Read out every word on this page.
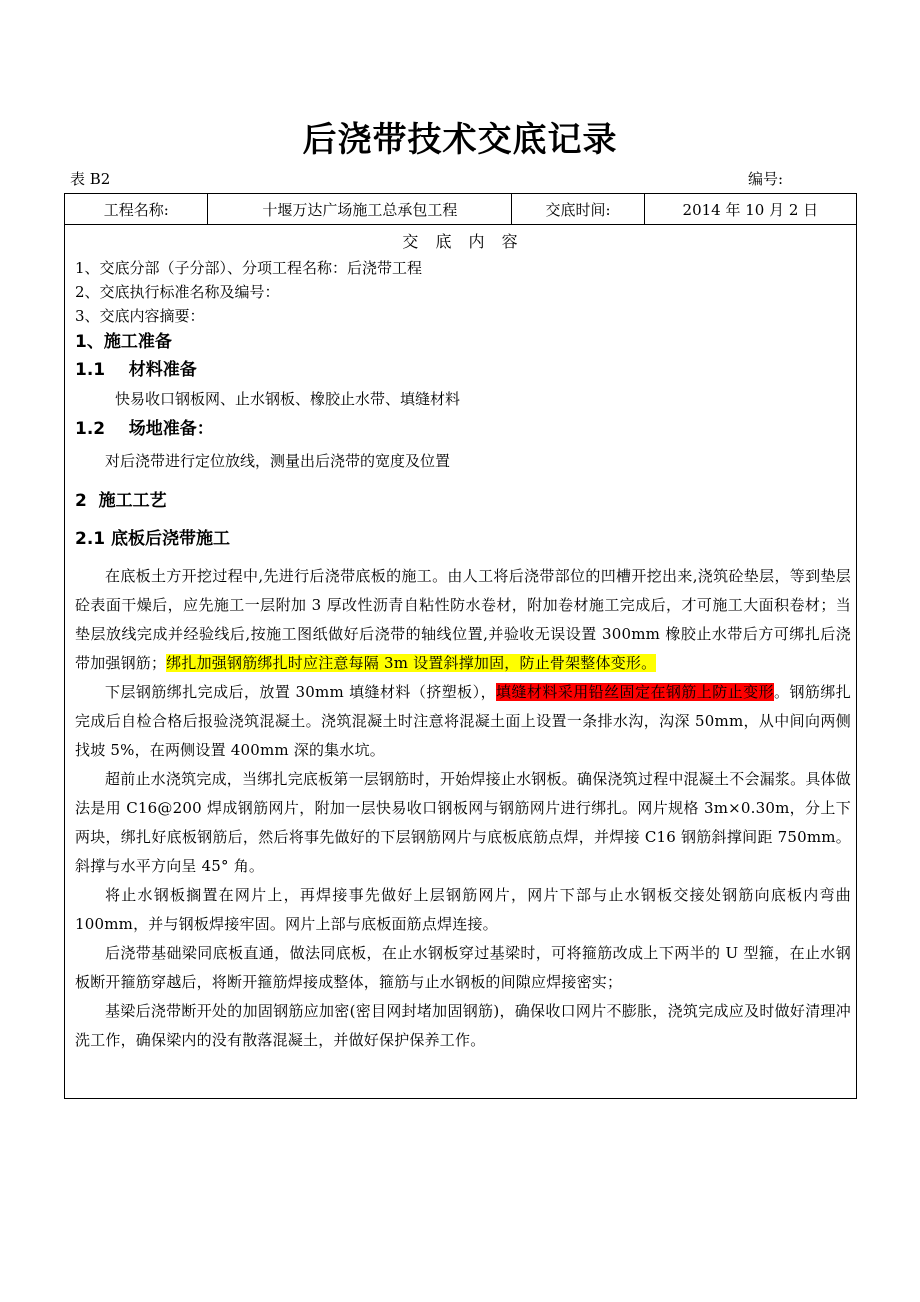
后浇带技术交底记录
表 B2	编号:
工程名称:	十堰万达广场施工总承包工程	交底时间:	2014 年 10 月 2 日
交 底 内 容
1、交底分部（子分部）、分项工程名称：后浇带工程
2、交底执行标准名称及编号：
3、交底内容摘要：
1、施工准备
1.1    材料准备
快易收口钢板网、止水钢板、橡胶止水带、填缝材料
1.2    场地准备：
对后浇带进行定位放线，测量出后浇带的宽度及位置
2  施工工艺
2.1 底板后浇带施工
在底板土方开挖过程中,先进行后浇带底板的施工。由人工将后浇带部位的凹槽开挖出来,浇筑砼垫层，等到垫层砼表面干燥后，应先施工一层附加 3 厚改性沥青自粘性防水卷材，附加卷材施工完成后，才可施工大面积卷材；当垫层放线完成并经验线后,按施工图纸做好后浇带的轴线位置,并验收无误设置 300mm 橡胶止水带后方可绑扎后浇带加强钢筋；绑扎加强钢筋绑扎时应注意每隔 3m 设置斜撑加固，防止骨架整体变形。
下层钢筋绑扎完成后，放置 30mm 填缝材料（挤塑板），填缝材料采用铅丝固定在钢筋上防止变形。钢筋绑扎完成后自检合格后报验浇筑混凝土。浇筑混凝土时注意将混凝土面上设置一条排水沟，沟深 50mm，从中间向两侧找坡 5%，在两侧设置 400mm 深的集水坑。
超前止水浇筑完成，当绑扎完底板第一层钢筋时，开始焊接止水钢板。确保浇筑过程中混凝土不会漏浆。具体做法是用 C16@200 焊成钢筋网片，附加一层快易收口钢板网与钢筋网片进行绑扎。网片规格 3m×0.30m，分上下两块，绑扎好底板钢筋后，然后将事先做好的下层钢筋网片与底板底筋点焊，并焊接 C16 钢筋斜撑间距 750mm。斜撑与水平方向呈 45° 角。
将止水钢板搁置在网片上，再焊接事先做好上层钢筋网片，网片下部与止水钢板交接处钢筋向底板内弯曲 100mm，并与钢板焊接牢固。网片上部与底板面筋点焊连接。
后浇带基础梁同底板直通，做法同底板，在止水钢板穿过基梁时，可将箍筋改成上下两半的 U 型箍，在止水钢板断开箍筋穿越后，将断开箍筋焊接成整体，箍筋与止水钢板的间隙应焊接密实；
基梁后浇带断开处的加固钢筋应加密(密目网封堵加固钢筋)，确保收口网片不膨胀，浇筑完成应及时做好清理冲洗工作，确保梁内的没有散落混凝土，并做好保护保养工作。
